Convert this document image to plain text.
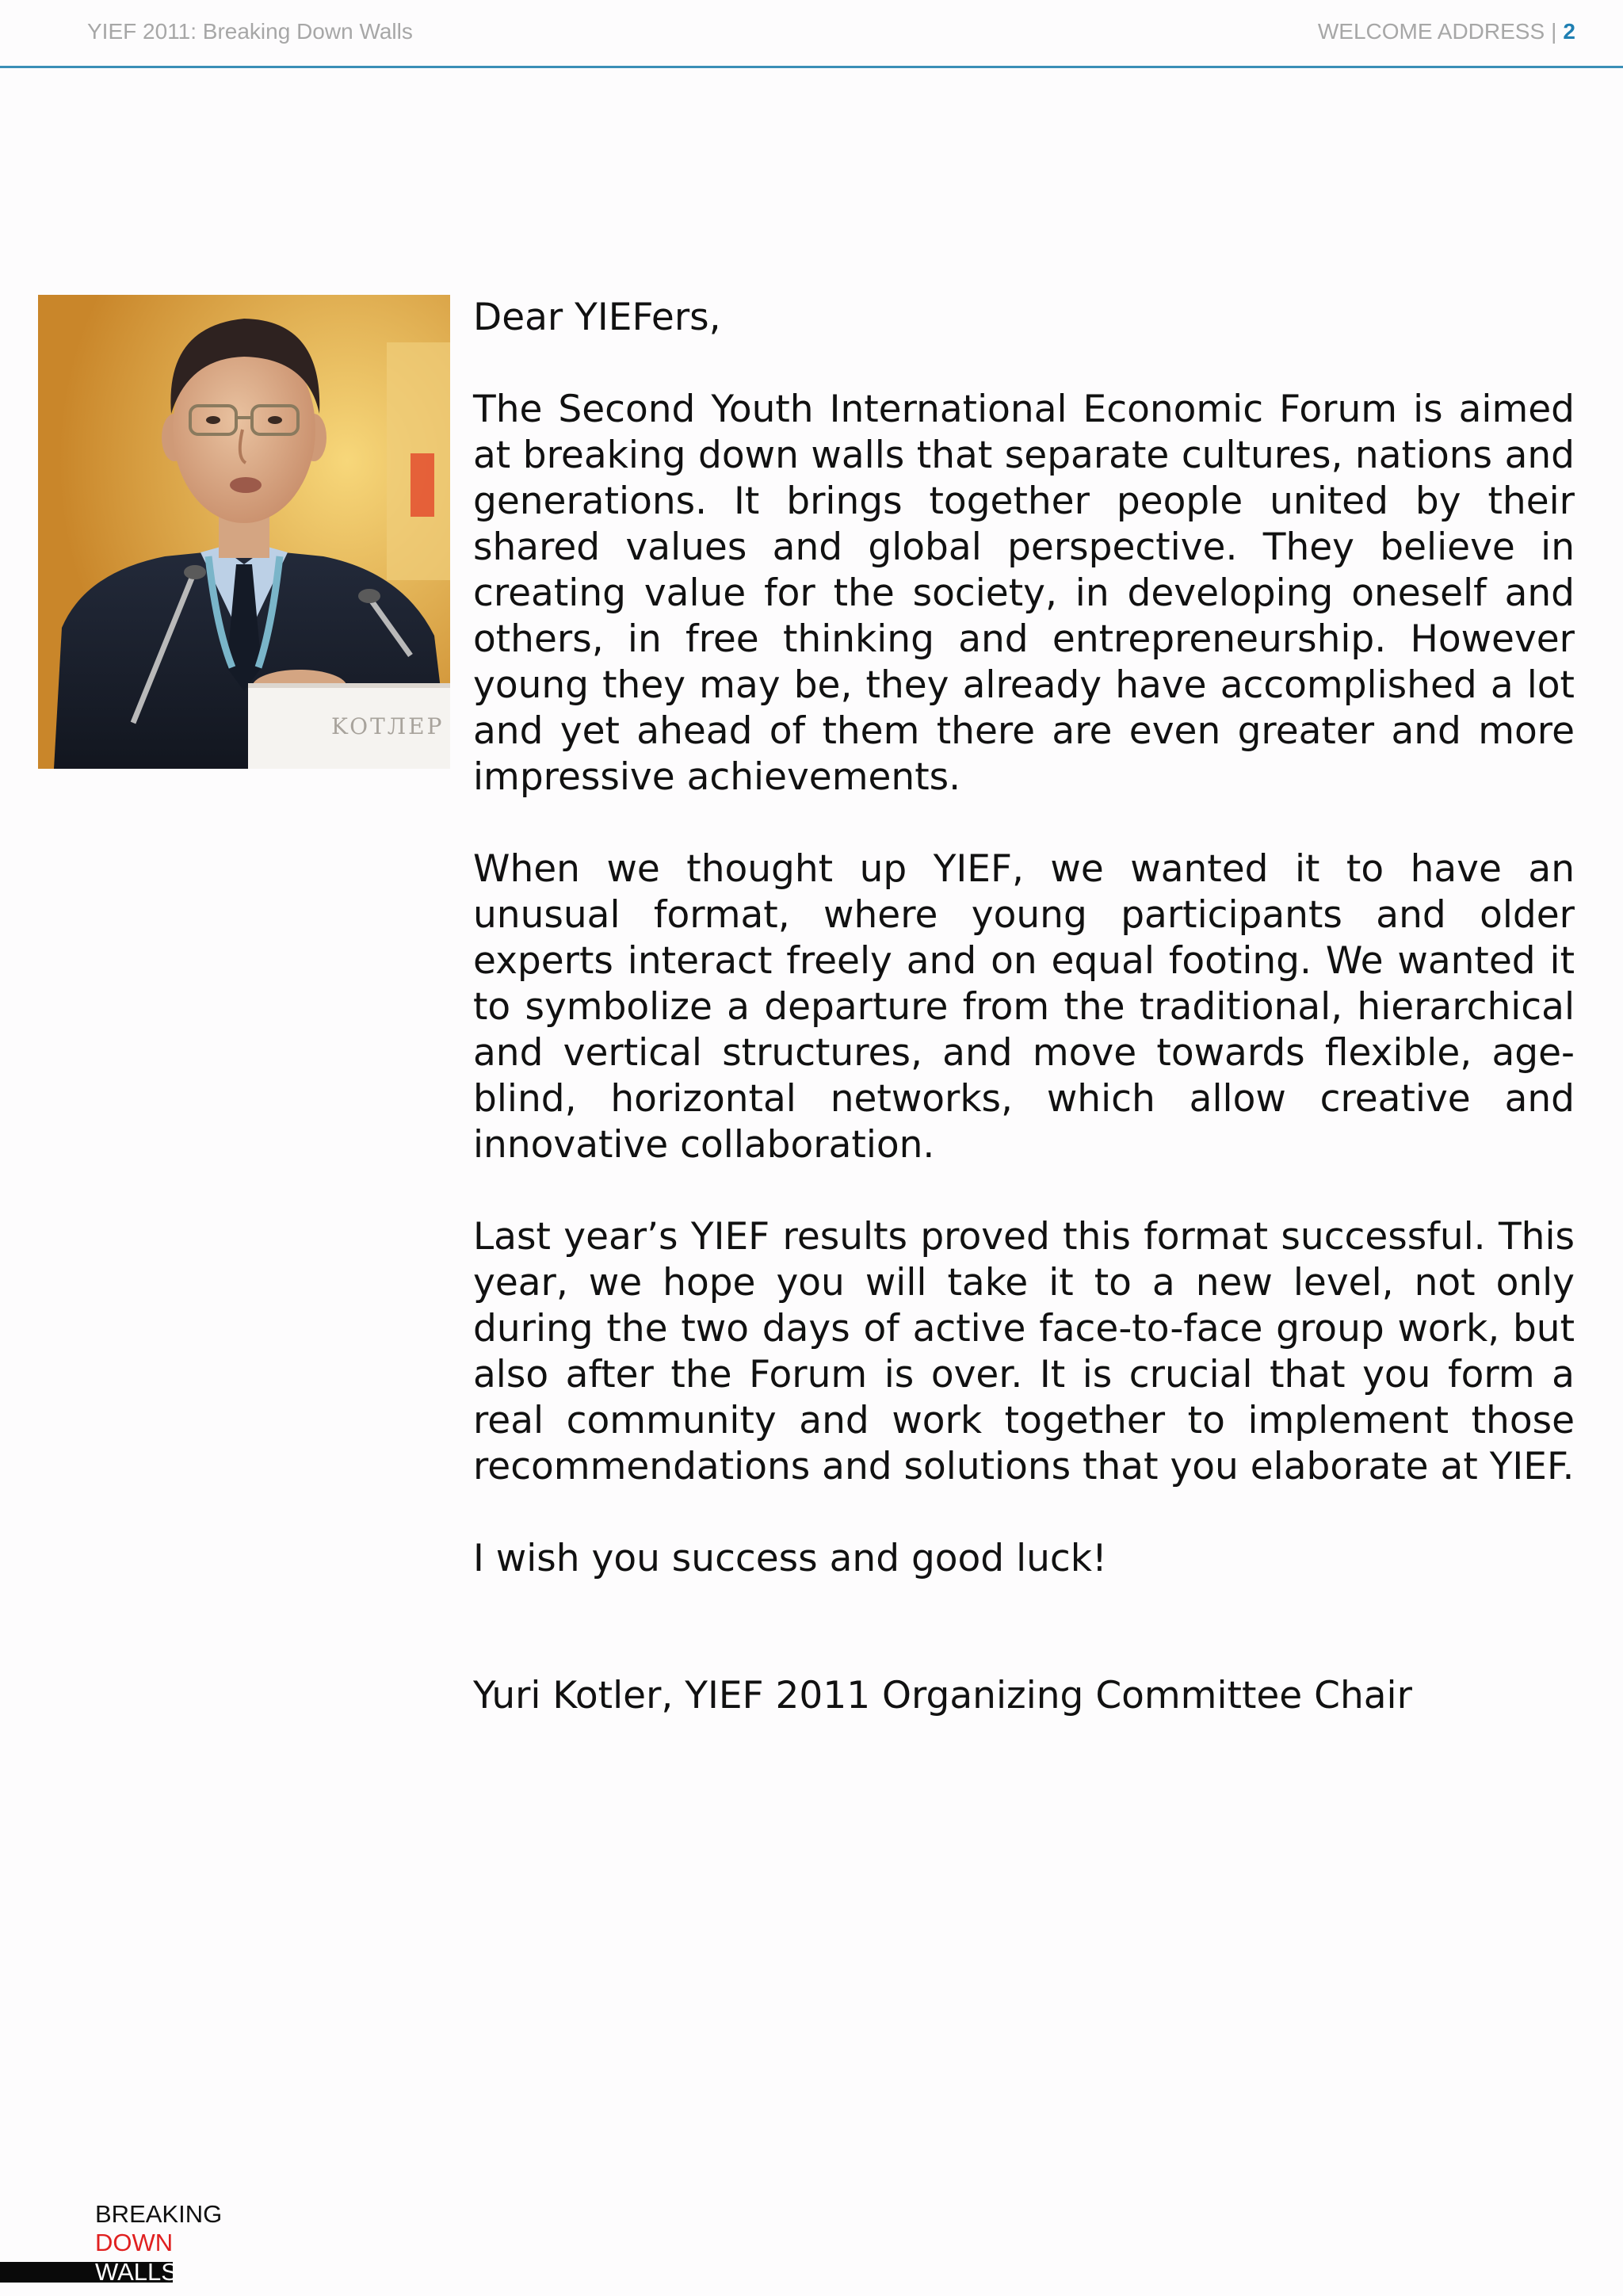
YIEF 2011: Breaking Down Walls	WELCOME ADDRESS | 2
KOTЛЕР

Dear YIEFers,

The Second Youth International Economic Forum is aimed at breaking down walls that separate cultures, nations and generations. It brings together people united by their shared values and global perspective. They believe in creating value for the society, in developing oneself and others, in free thinking and entrepreneurship. However young they may be, they already have accomplished a lot and yet ahead of them there are even greater and more impressive achievements.

When we thought up YIEF, we wanted it to have an unusual format, where young participants and older experts interact freely and on equal footing. We wanted it to symbolize a departure from the traditional, hierarchical and vertical structures, and move towards flexible, age-blind, horizontal networks, which allow creative and innovative collaboration.

Last year’s YIEF results proved this format successful. This year, we hope you will take it to a new level, not only during the two days of active face-to-face group work, but also after the Forum is over. It is crucial that you form a real community and work together to implement those recommendations and solutions that you elaborate at YIEF.

I wish you success and good luck!

Yuri Kotler, YIEF 2011 Organizing Committee Chair

BREAKING
DOWN
WALLS
